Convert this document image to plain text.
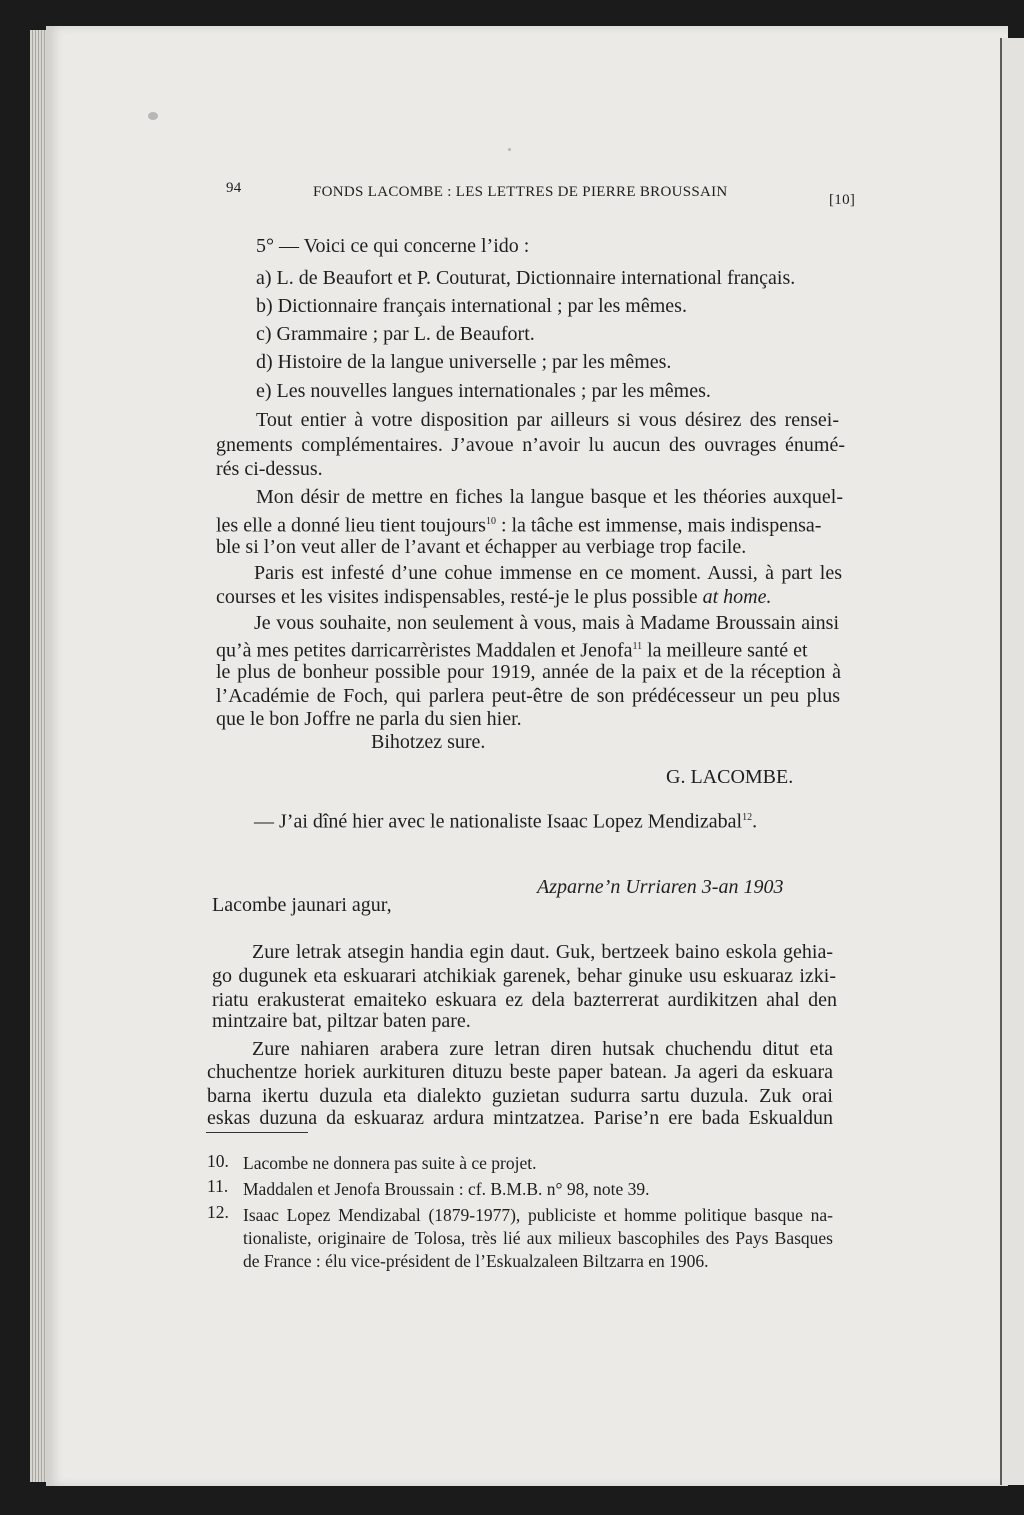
94	FONDS LACOMBE : LES LETTRES DE PIERRE BROUSSAIN	[10]
5° — Voici ce qui concerne l’ido :
a) L. de Beaufort et P. Couturat, Dictionnaire international français.
b) Dictionnaire français international ; par les mêmes.
c) Grammaire ; par L. de Beaufort.
d) Histoire de la langue universelle ; par les mêmes.
e) Les nouvelles langues internationales ; par les mêmes.
Tout entier à votre disposition par ailleurs si vous désirez des rensei-
gnements complémentaires. J’avoue n’avoir lu aucun des ouvrages énumé-
rés ci-dessus.
Mon désir de mettre en fiches la langue basque et les théories auxquel-
les elle a donné lieu tient toujours$^{10}$ : la tâche est immense, mais indispensa-
ble si l’on veut aller de l’avant et échapper au verbiage trop facile.
Paris est infesté d’une cohue immense en ce moment. Aussi, à part les
courses et les visites indispensables, resté-je le plus possible at home.
Je vous souhaite, non seulement à vous, mais à Madame Broussain ainsi
qu’à mes petites darricarrèristes Maddalen et Jenofa$^{11}$ la meilleure santé et
le plus de bonheur possible pour 1919, année de la paix et de la réception à
l’Académie de Foch, qui parlera peut-être de son prédécesseur un peu plus
que le bon Joffre ne parla du sien hier.
Bihotzez sure.
G. LACOMBE.
— J’ai dîné hier avec le nationaliste Isaac Lopez Mendizabal$^{12}$.
Azparne’n Urriaren 3-an 1903
Lacombe jaunari agur,
Zure letrak atsegin handia egin daut. Guk, bertzeek baino eskola gehia-
go dugunek eta eskuarari atchikiak garenek, behar ginuke usu eskuaraz izki-
riatu erakusterat emaiteko eskuara ez dela bazterrerat aurdikitzen ahal den
mintzaire bat, piltzar baten pare.
Zure nahiaren arabera zure letran diren hutsak chuchendu ditut eta
chuchentze horiek aurkituren dituzu beste paper batean. Ja ageri da eskuara
barna ikertu duzula eta dialekto guzietan sudurra sartu duzula. Zuk orai
eskas duzuna da eskuaraz ardura mintzatzea. Parise’n ere bada Eskualdun
10. Lacombe ne donnera pas suite à ce projet.
11. Maddalen et Jenofa Broussain : cf. B.M.B. n° 98, note 39.
12. Isaac Lopez Mendizabal (1879-1977), publiciste et homme politique basque na-
tionaliste, originaire de Tolosa, très lié aux milieux bascophiles des Pays Basques
de France : élu vice-président de l’Eskualzaleen Biltzarra en 1906.
